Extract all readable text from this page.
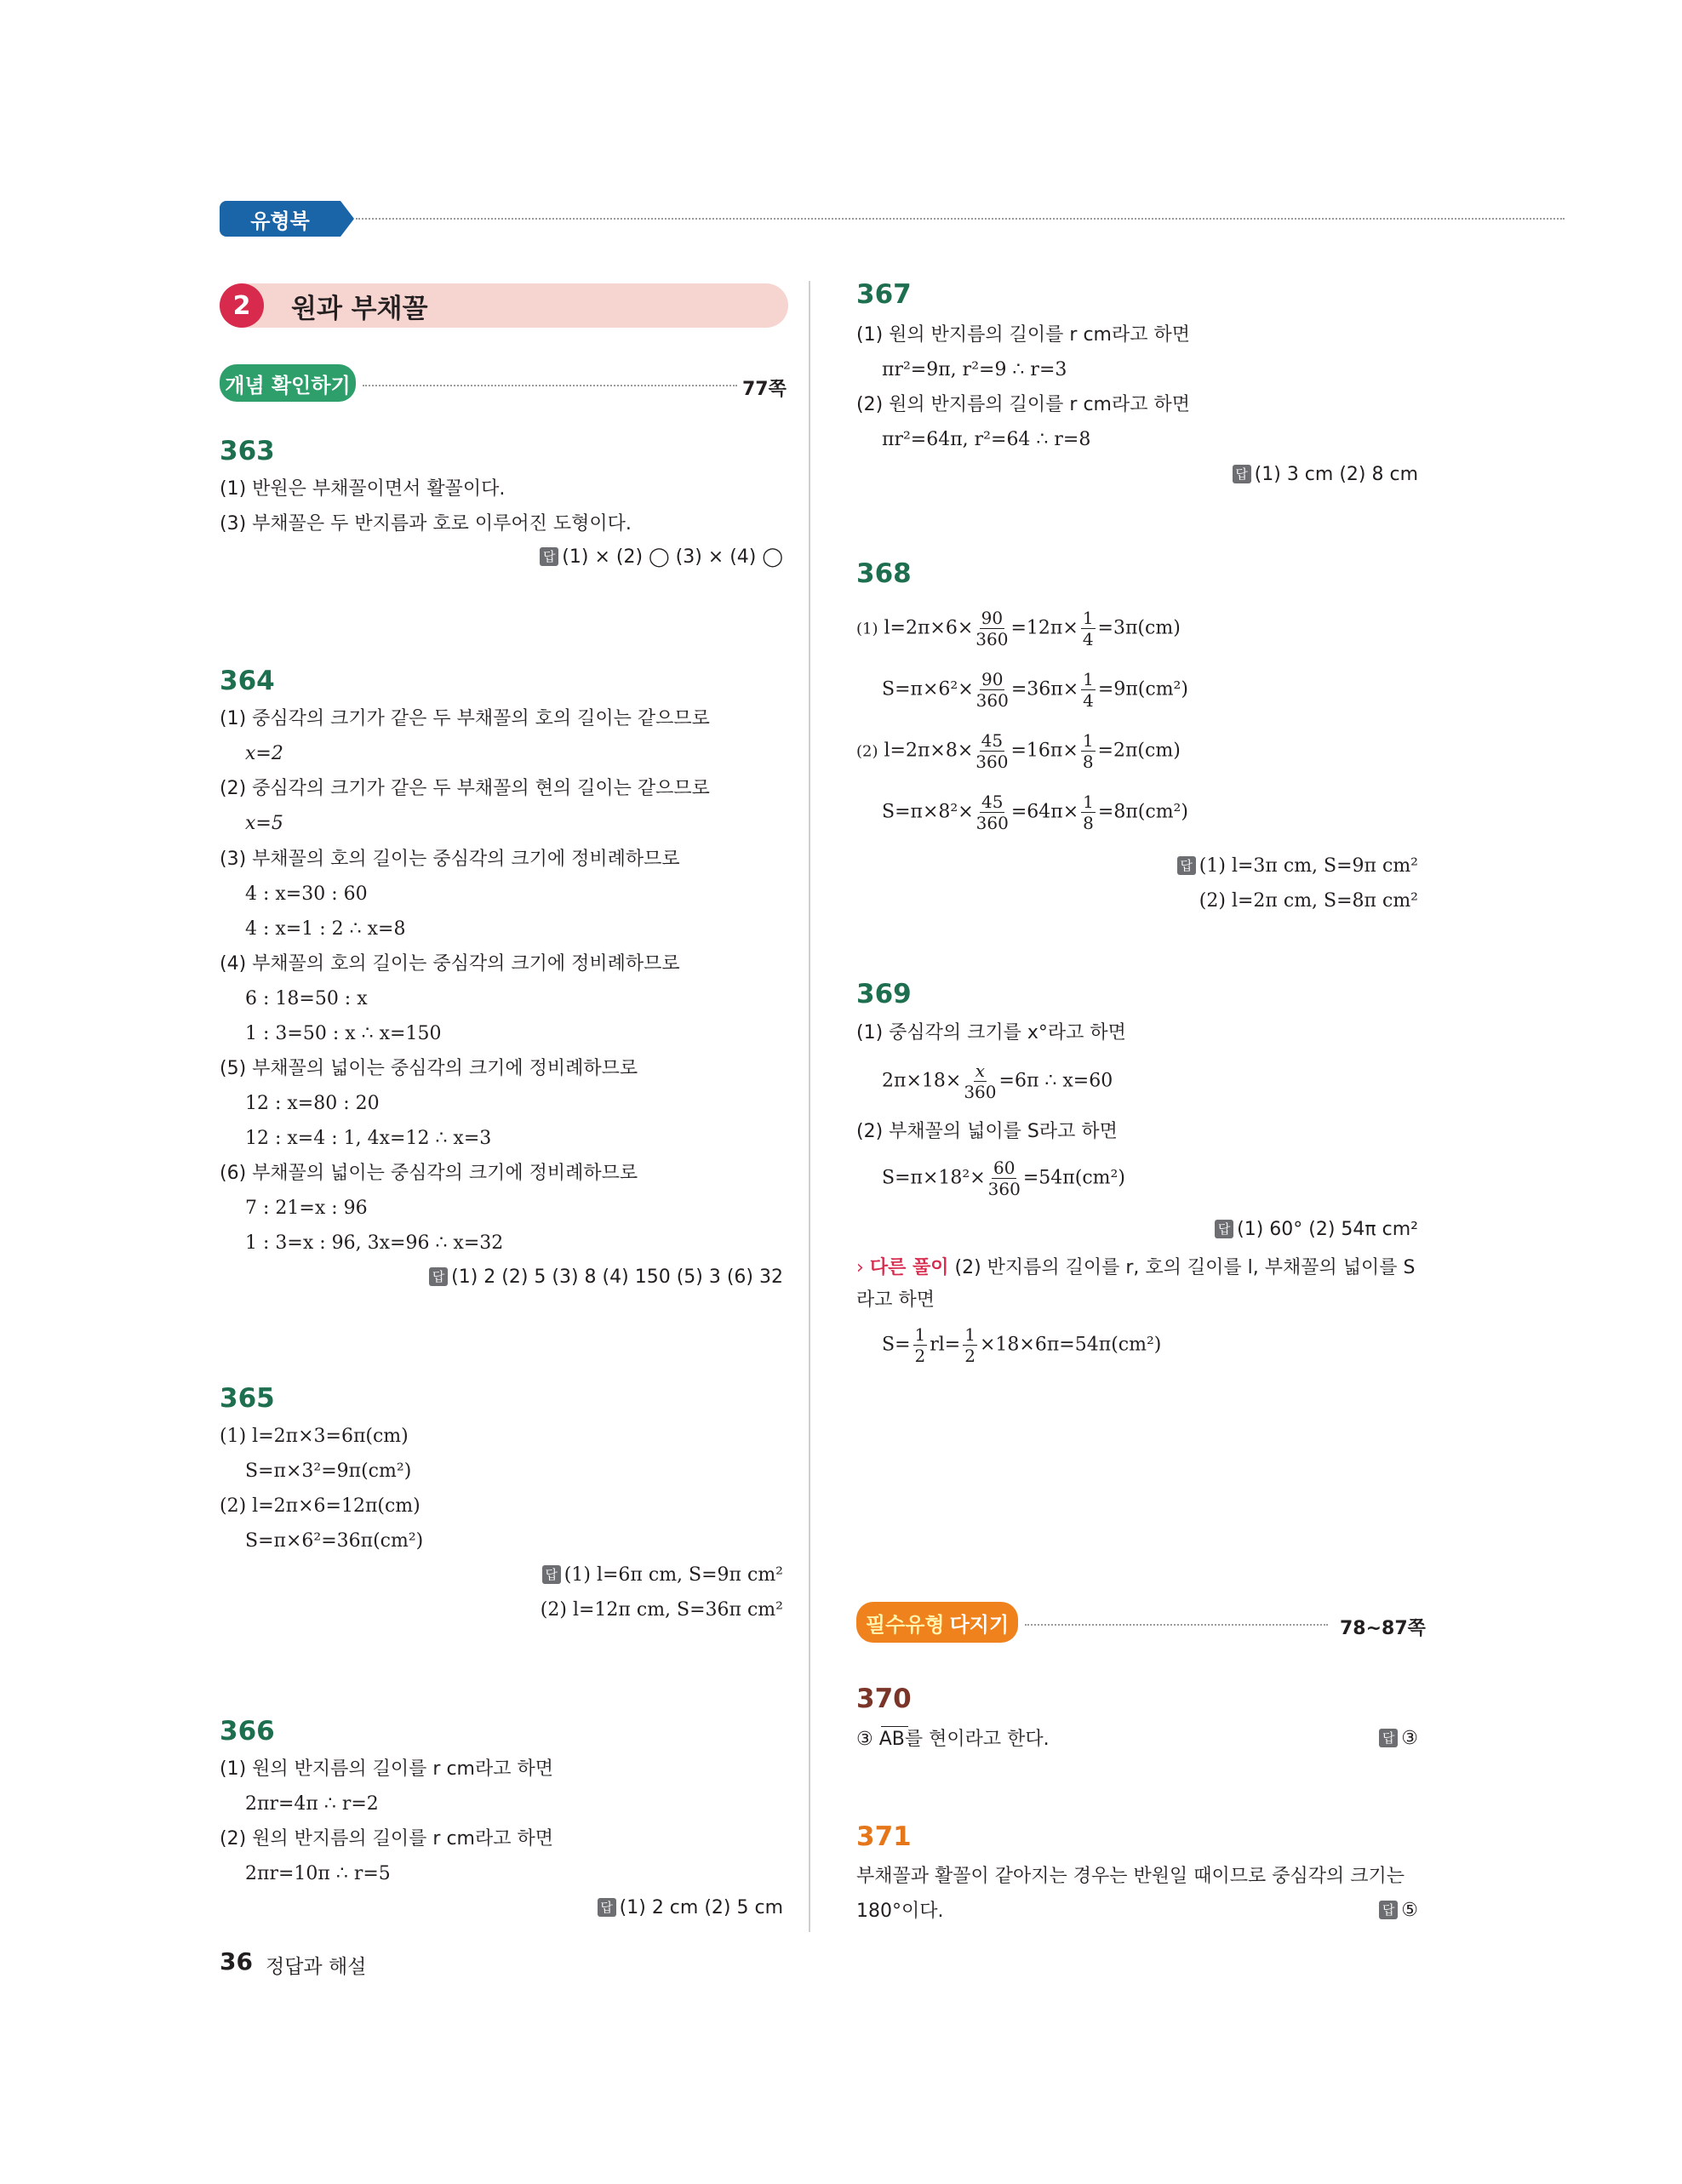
유형북
2	원과 부채꼴
개념 확인하기	77쪽
363
(1) 반원은 부채꼴이면서 활꼴이다.
(3) 부채꼴은 두 반지름과 호로 이루어진 도형이다.
답 (1) × (2) ◯ (3) × (4) ◯
364
(1) 중심각의 크기가 같은 두 부채꼴의 호의 길이는 같으므로
x=2
(2) 중심각의 크기가 같은 두 부채꼴의 현의 길이는 같으므로
x=5
(3) 부채꼴의 호의 길이는 중심각의 크기에 정비례하므로
4 : x=30 : 60
4 : x=1 : 2 ∴ x=8
(4) 부채꼴의 호의 길이는 중심각의 크기에 정비례하므로
6 : 18=50 : x
1 : 3=50 : x ∴ x=150
(5) 부채꼴의 넓이는 중심각의 크기에 정비례하므로
12 : x=80 : 20
12 : x=4 : 1, 4x=12 ∴ x=3
(6) 부채꼴의 넓이는 중심각의 크기에 정비례하므로
7 : 21=x : 96
1 : 3=x : 96, 3x=96 ∴ x=32
답 (1) 2 (2) 5 (3) 8 (4) 150 (5) 3 (6) 32
365
(1) l=2π×3=6π(cm)
S=π×3²=9π(cm²)
(2) l=2π×6=12π(cm)
S=π×6²=36π(cm²)
답 (1) l=6π cm, S=9π cm²
(2) l=12π cm, S=36π cm²
366
(1) 원의 반지름의 길이를 r cm라고 하면
2πr=4π ∴ r=2
(2) 원의 반지름의 길이를 r cm라고 하면
2πr=10π ∴ r=5
답 (1) 2 cm (2) 5 cm
367
(1) 원의 반지름의 길이를 r cm라고 하면
πr²=9π, r²=9 ∴ r=3
(2) 원의 반지름의 길이를 r cm라고 하면
πr²=64π, r²=64 ∴ r=8
답 (1) 3 cm (2) 8 cm
368
(1) $l=2\pi\times 6\times \frac{90}{360} =12\pi\times \frac{1}{4} =3\pi(cm)$
$S=\pi\times 6^2\times \frac{90}{360} =36\pi\times \frac{1}{4} =9\pi(cm^2)$
(2) $l=2\pi\times 8\times \frac{45}{360} =16\pi\times \frac{1}{8} =2\pi(cm)$
$S=\pi\times 8^2\times \frac{45}{360} =64\pi\times \frac{1}{8} =8\pi(cm^2)$
답 (1) l=3π cm, S=9π cm²
(2) l=2π cm, S=8π cm²
369
(1) 중심각의 크기를 x°라고 하면
$2\pi\times 18\times \frac{x}{360} =6\pi$ ∴ x=60
(2) 부채꼴의 넓이를 S라고 하면
$S=\pi\times 18^2\times \frac{60}{360} =54\pi(cm^2)$
답 (1) 60° (2) 54π cm²
› 다른 풀이 (2) 반지름의 길이를 r, 호의 길이를 l, 부채꼴의 넓이를 S
라고 하면
$S= \frac{1}{2} rl= \frac{1}{2} \times 18\times 6\pi=54\pi(cm^2)$
필수유형 다지기	78~87쪽
370
③ AB를 현이라고 한다.	답 ③
371
부채꼴과 활꼴이 같아지는 경우는 반원일 때이므로 중심각의 크기는
180°이다.	답 ⑤
36 정답과 해설
